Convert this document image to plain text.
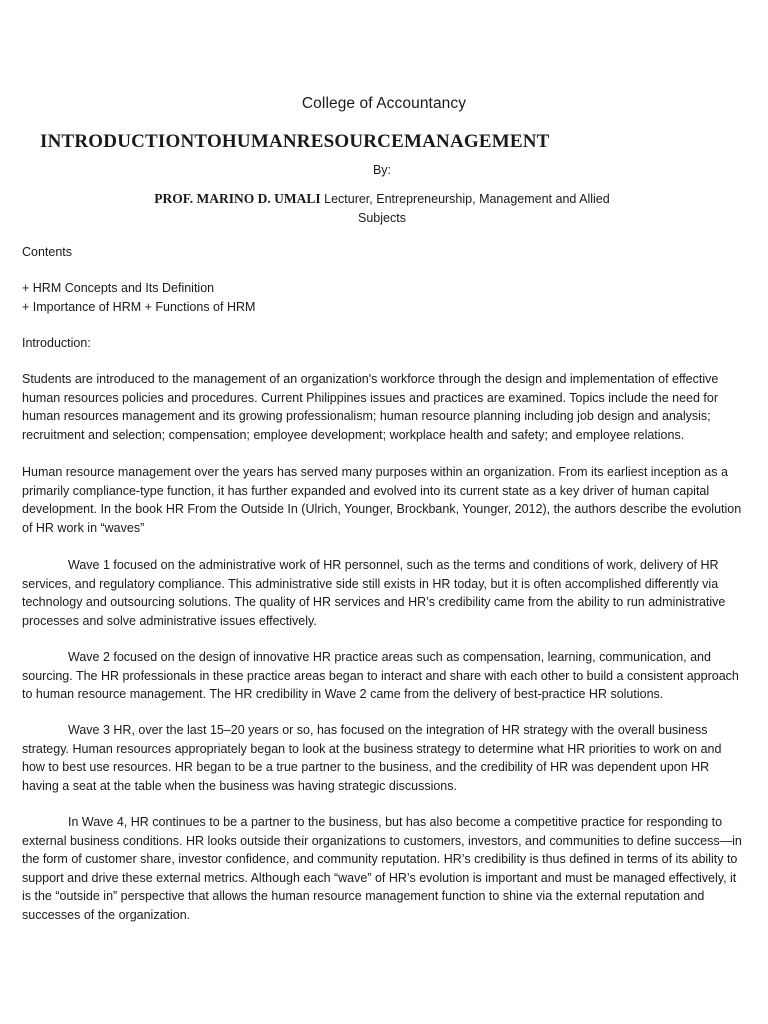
College of Accountancy
INTRODUCTIONTOHUMANRESOURCEMANAGEMENT
By:
PROF. MARINO D. UMALI Lecturer, Entrepreneurship, Management and Allied Subjects

Contents

+ HRM Concepts and Its Definition

+ Importance of HRM + Functions of HRM

Introduction:

Students are introduced to the management of an organization's workforce through the design and implementation of effective human resources policies and procedures. Current Philippines issues and practices are examined. Topics include the need for human resources management and its growing professionalism; human resource planning including job design and analysis; recruitment and selection; compensation; employee development; workplace health and safety; and employee relations.

Human resource management over the years has served many purposes within an organization. From its earliest inception as a primarily compliance-type function, it has further expanded and evolved into its current state as a key driver of human capital development. In the book HR From the Outside In (Ulrich, Younger, Brockbank, Younger, 2012), the authors describe the evolution of HR work in “waves”

Wave 1 focused on the administrative work of HR personnel, such as the terms and conditions of work, delivery of HR services, and regulatory compliance. This administrative side still exists in HR today, but it is often accomplished differently via technology and outsourcing solutions. The quality of HR services and HR’s credibility came from the ability to run administrative processes and solve administrative issues effectively.

Wave 2 focused on the design of innovative HR practice areas such as compensation, learning, communication, and sourcing. The HR professionals in these practice areas began to interact and share with each other to build a consistent approach to human resource management. The HR credibility in Wave 2 came from the delivery of best-practice HR solutions.

Wave 3 HR, over the last 15–20 years or so, has focused on the integration of HR strategy with the overall business strategy. Human resources appropriately began to look at the business strategy to determine what HR priorities to work on and how to best use resources. HR began to be a true partner to the business, and the credibility of HR was dependent upon HR having a seat at the table when the business was having strategic discussions.

In Wave 4, HR continues to be a partner to the business, but has also become a competitive practice for responding to external business conditions. HR looks outside their organizations to customers, investors, and communities to define success—in the form of customer share, investor confidence, and community reputation. HR’s credibility is thus defined in terms of its ability to support and drive these external metrics. Although each “wave” of HR’s evolution is important and must be managed effectively, it is the “outside in” perspective that allows the human resource management function to shine via the external reputation and successes of the organization.
